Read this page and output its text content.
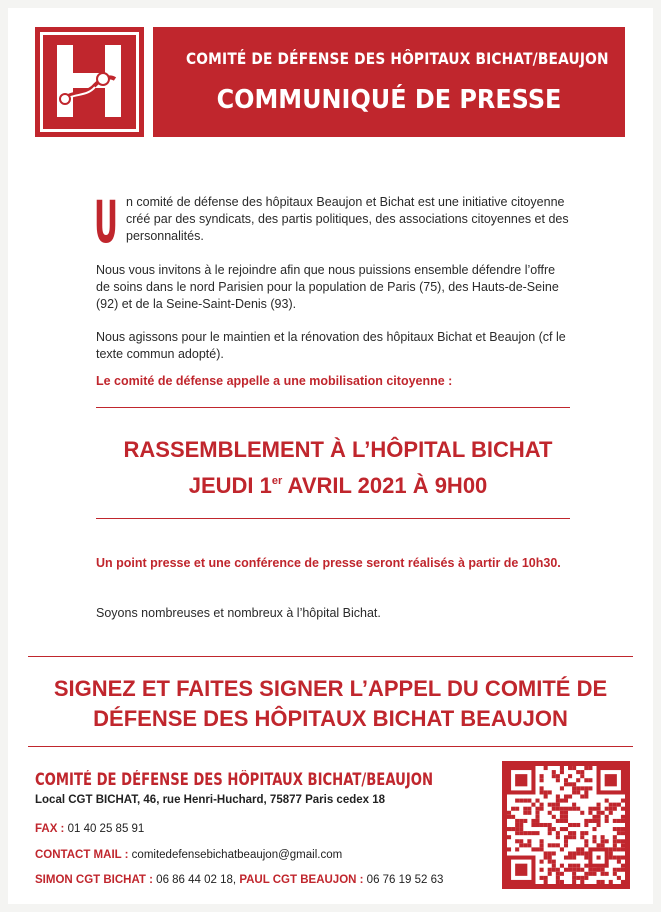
COMITÉ DE DÉFENSE DES HÔPITAUX BICHAT/BEAUJON
COMMUNIQUÉ DE PRESSE
U n comité de défense des hôpitaux Beaujon et Bichat est une initiative citoyenne créé par des syndicats, des partis politiques, des associations citoyennes et des personnalités.
Nous vous invitons à le rejoindre afin que nous puissions ensemble défendre l’offre de soins dans le nord Parisien pour la population de Paris (75), des Hauts-de-Seine (92) et de la Seine-Saint-Denis (93).
Nous agissons pour le maintien et la rénovation des hôpitaux Bichat et Beaujon (cf le texte commun adopté).
Le comité de défense appelle a une mobilisation citoyenne :
RASSEMBLEMENT À L’HÔPITAL BICHAT
JEUDI 1er AVRIL 2021 À 9H00
Un point presse et une conférence de presse seront réalisés à partir de 10h30.
Soyons nombreuses et nombreux à l’hôpital Bichat.
SIGNEZ ET FAITES SIGNER L’APPEL DU COMITÉ DE
DÉFENSE DES HÔPITAUX BICHAT BEAUJON
COMITÉ DE DÉFENSE DES HÔPITAUX BICHAT/BEAUJON
Local CGT BICHAT, 46, rue Henri-Huchard, 75877 Paris cedex 18
FAX : 01 40 25 85 91
CONTACT MAIL : comitedefensebichatbeaujon@gmail.com
SIMON CGT BICHAT : 06 86 44 02 18, PAUL CGT BEAUJON : 06 76 19 52 63
